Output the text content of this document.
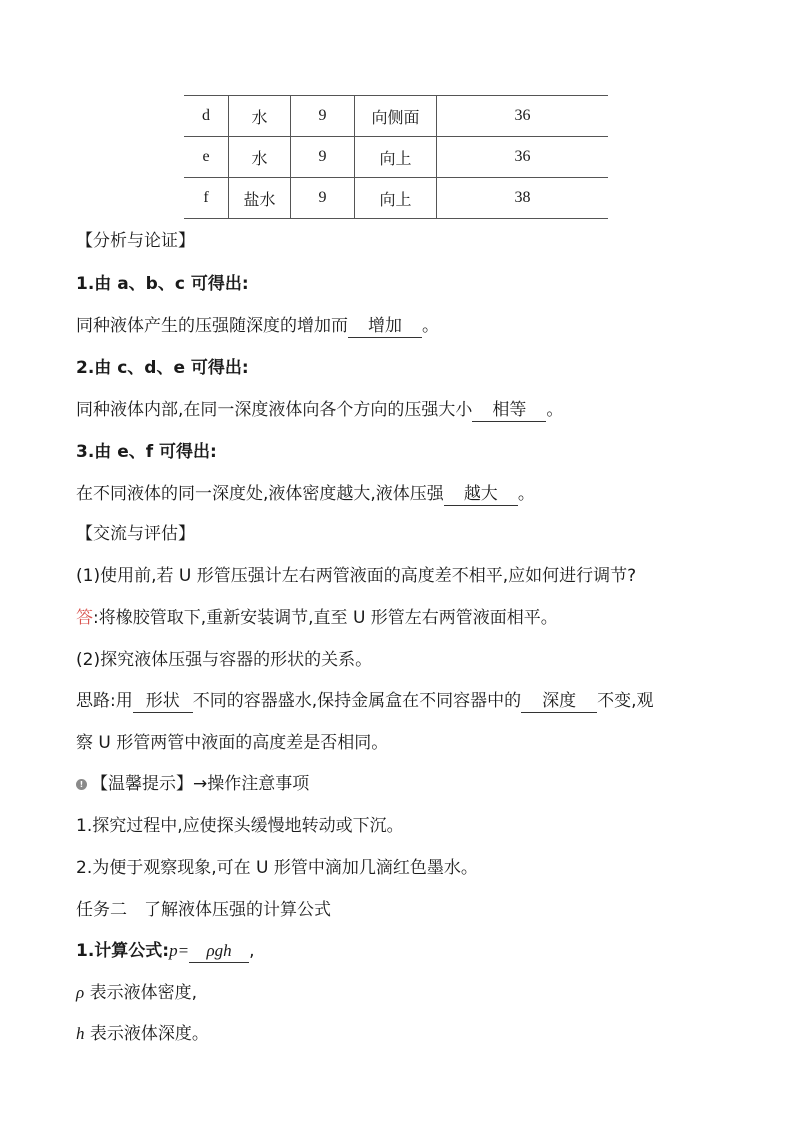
d	水	9	向侧面	36
e	水	9	向上	36
f	盐水	9	向上	38
【分析与论证】
1.由 a、b、c 可得出:
同种液体产生的压强随深度的增加而 增加 。
2.由 c、d、e 可得出:
同种液体内部,在同一深度液体向各个方向的压强大小 相等 。
3.由 e、f 可得出:
在不同液体的同一深度处,液体密度越大,液体压强 越大 。
【交流与评估】
(1)使用前,若 U 形管压强计左右两管液面的高度差不相平,应如何进行调节?
答:将橡胶管取下,重新安装调节,直至 U 形管左右两管液面相平。
(2)探究液体压强与容器的形状的关系。
思路:用 形状 不同的容器盛水,保持金属盒在不同容器中的 深度 不变,观
察 U 形管两管中液面的高度差是否相同。
! 【温馨提示】→操作注意事项
1.探究过程中,应使探头缓慢地转动或下沉。
2.为便于观察现象,可在 U 形管中滴加几滴红色墨水。
任务二　了解液体压强的计算公式
1.计算公式:p= ρgh ,
ρ 表示液体密度,
h 表示液体深度。
